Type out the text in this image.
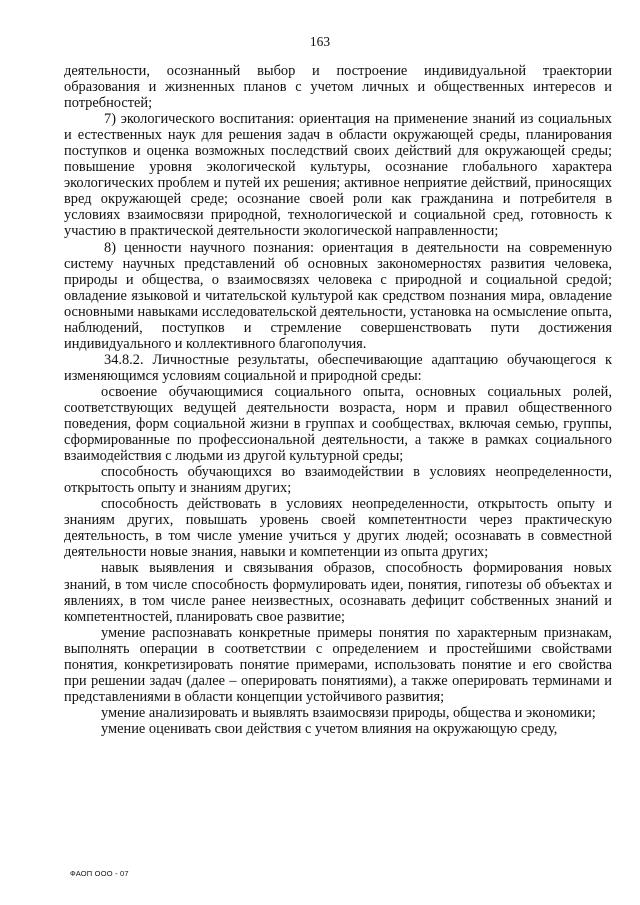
163

деятельности, осознанный выбор и построение индивидуальной траектории образования и жизненных планов с учетом личных и общественных интересов и потребностей;

7) экологического воспитания: ориентация на применение знаний из социальных и естественных наук для решения задач в области окружающей среды, планирования поступков и оценка возможных последствий своих действий для окружающей среды; повышение уровня экологической культуры, осознание глобального характера экологических проблем и путей их решения; активное неприятие действий, приносящих вред окружающей среде; осознание своей роли как гражданина и потребителя в условиях взаимосвязи природной, технологической и социальной сред, готовность к участию в практической деятельности экологической направленности;

8) ценности научного познания: ориентация в деятельности на современную систему научных представлений об основных закономерностях развития человека, природы и общества, о взаимосвязях человека с природной и социальной средой; овладение языковой и читательской культурой как средством познания мира, овладение основными навыками исследовательской деятельности, установка на осмысление опыта, наблюдений, поступков и стремление совершенствовать пути достижения индивидуального и коллективного благополучия.

34.8.2. Личностные результаты, обеспечивающие адаптацию обучающегося к изменяющимся условиям социальной и природной среды:

освоение обучающимися социального опыта, основных социальных ролей, соответствующих ведущей деятельности возраста, норм и правил общественного поведения, форм социальной жизни в группах и сообществах, включая семью, группы, сформированные по профессиональной деятельности, а также в рамках социального взаимодействия с людьми из другой культурной среды;

способность обучающихся во взаимодействии в условиях неопределенности, открытость опыту и знаниям других;

способность действовать в условиях неопределенности, открытость опыту и знаниям других, повышать уровень своей компетентности через практическую деятельность, в том числе умение учиться у других людей; осознавать в совместной деятельности новые знания, навыки и компетенции из опыта других;

навык выявления и связывания образов, способность формирования новых знаний, в том числе способность формулировать идеи, понятия, гипотезы об объектах и явлениях, в том числе ранее неизвестных, осознавать дефицит собственных знаний и компетентностей, планировать свое развитие;

умение распознавать конкретные примеры понятия по характерным признакам, выполнять операции в соответствии с определением и простейшими свойствами понятия, конкретизировать понятие примерами, использовать понятие и его свойства при решении задач (далее – оперировать понятиями), а также оперировать терминами и представлениями в области концепции устойчивого развития;

умение анализировать и выявлять взаимосвязи природы, общества и экономики;

умение оценивать свои действия с учетом влияния на окружающую среду,

ФАОП ООО - 07
